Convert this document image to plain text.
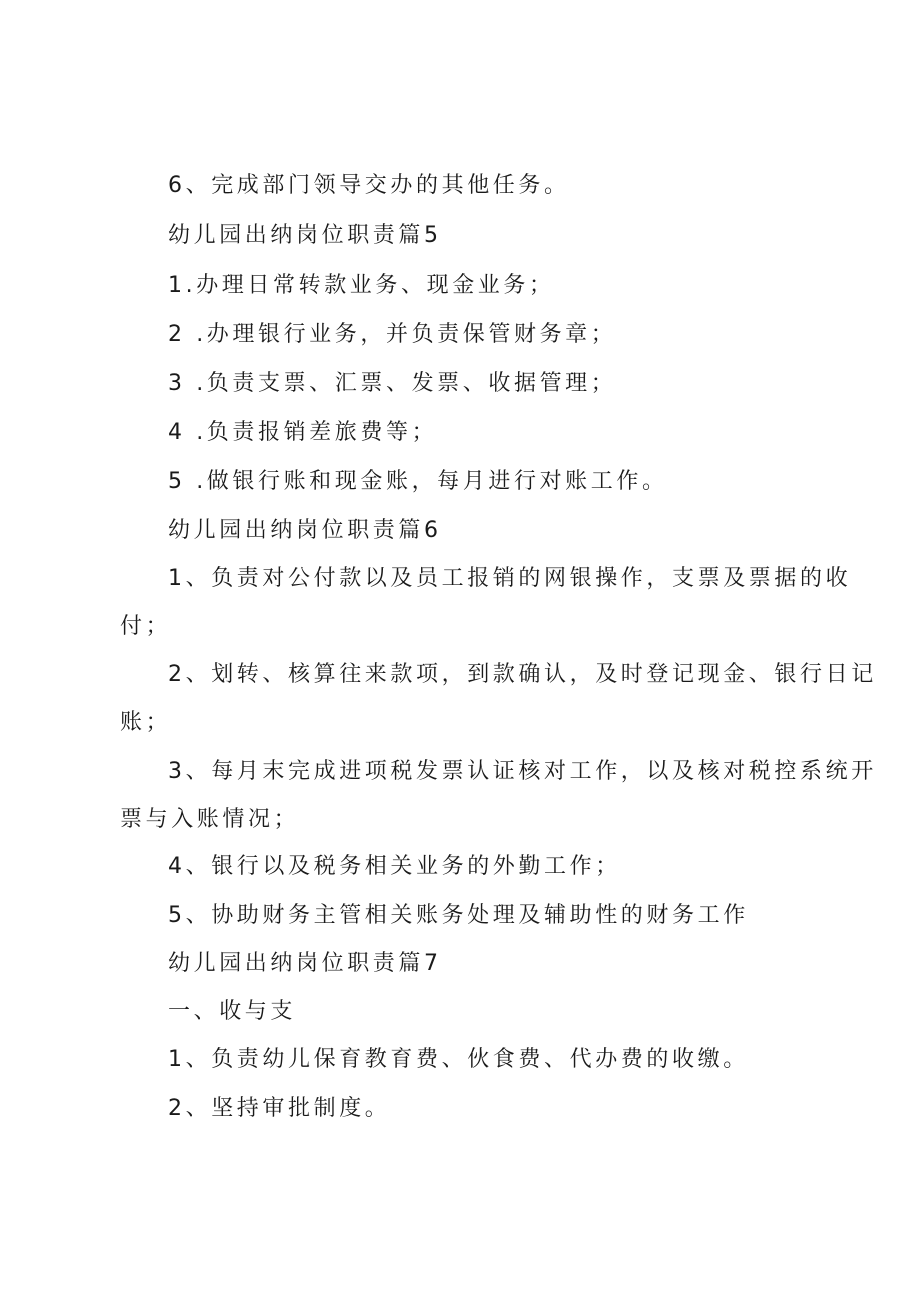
6、完成部门领导交办的其他任务。
幼儿园出纳岗位职责篇5
1.办理日常转款业务、现金业务；
2 .办理银行业务，并负责保管财务章；
3 .负责支票、汇票、发票、收据管理；
4 .负责报销差旅费等；
5 .做银行账和现金账，每月进行对账工作。
幼儿园出纳岗位职责篇6
1、负责对公付款以及员工报销的网银操作，支票及票据的收
付；
2、划转、核算往来款项，到款确认，及时登记现金、银行日记
账；
3、每月末完成进项税发票认证核对工作，以及核对税控系统开
票与入账情况；
4、银行以及税务相关业务的外勤工作；
5、协助财务主管相关账务处理及辅助性的财务工作
幼儿园出纳岗位职责篇7
一、收与支
1、负责幼儿保育教育费、伙食费、代办费的收缴。
2、坚持审批制度。
